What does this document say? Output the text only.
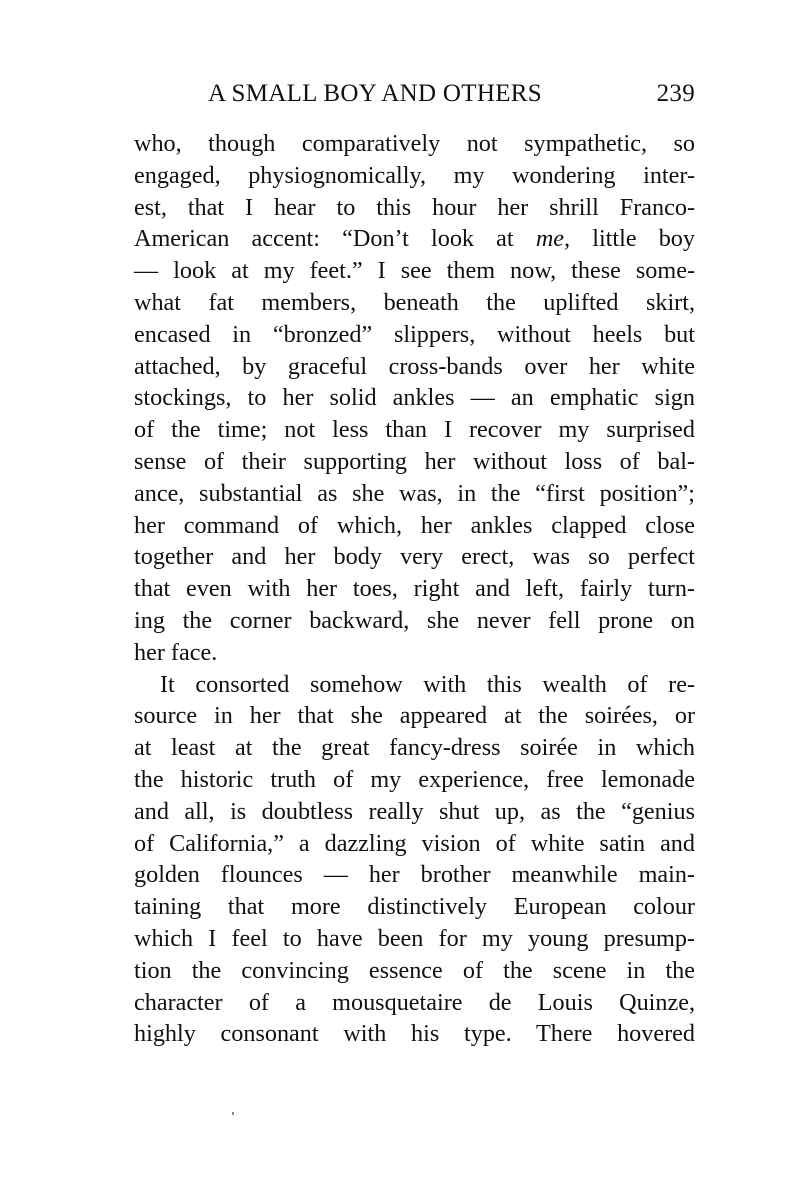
A SMALL BOY AND OTHERS	239
who, though comparatively not sympathetic, so
engaged, physiognomically, my wondering inter-
est, that I hear to this hour her shrill Franco-
American accent: “Don’t look at me, little boy
— look at my feet.” I see them now, these some-
what fat members, beneath the uplifted skirt,
encased in “bronzed” slippers, without heels but
attached, by graceful cross-bands over her white
stockings, to her solid ankles — an emphatic sign
of the time; not less than I recover my surprised
sense of their supporting her without loss of bal-
ance, substantial as she was, in the “first position”;
her command of which, her ankles clapped close
together and her body very erect, was so perfect
that even with her toes, right and left, fairly turn-
ing the corner backward, she never fell prone on
her face.
It consorted somehow with this wealth of re-
source in her that she appeared at the soirées, or
at least at the great fancy-dress soirée in which
the historic truth of my experience, free lemonade
and all, is doubtless really shut up, as the “genius
of California,” a dazzling vision of white satin and
golden flounces — her brother meanwhile main-
taining that more distinctively European colour
which I feel to have been for my young presump-
tion the convincing essence of the scene in the
character of a mousquetaire de Louis Quinze,
highly consonant with his type. There hovered
